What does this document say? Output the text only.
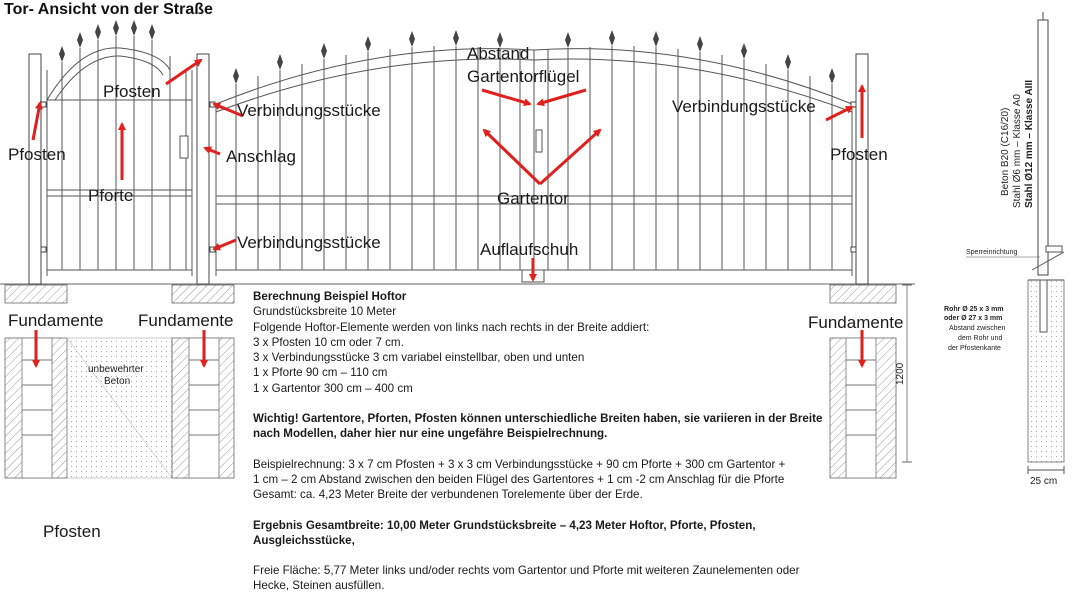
Tor- Ansicht von der Straße
1200
Pfosten
Pfosten
Pforte
Verbindungsstücke
Anschlag
Verbindungsstücke
Abstand
Gartentorflügel
Gartentor
Auflaufschuh
Verbindungsstücke
Pfosten
Fundamente Fundamente	Fundamente
unbewehrter
Beton
Pfosten
Beton B20 (C16/20) Stahl Ø6 mm – Klasse A0 Stahl Ø12 mm – Klasse AIII
Sperreinrichtung
Rohr Ø 25 x 3 mm
oder Ø 27 x 3 mm
Abstand zwischen
dem Rohr und
der Pfostenkante
25 cm
Berechnung Beispiel Hoftor
Grundstücksbreite 10 Meter
Folgende Hoftor-Elemente werden von links nach rechts in der Breite addiert:
3 x Pfosten 10 cm oder 7 cm.
3 x Verbindungsstücke 3 cm variabel einstellbar, oben und unten
1 x Pforte 90 cm – 110 cm
1 x Gartentor 300 cm – 400 cm
Wichtig! Gartentore, Pforten, Pfosten können unterschiedliche Breiten haben, sie variieren in der Breite nach Modellen, daher hier nur eine ungefähre Beispielrechnung.
Beispielrechnung: 3 x 7 cm Pfosten + 3 x 3 cm Verbindungsstücke + 90 cm Pforte + 300 cm Gartentor +
1 cm – 2 cm Abstand zwischen den beiden Flügel des Gartentores + 1 cm -2 cm Anschlag für die Pforte
Gesamt: ca. 4,23 Meter Breite der verbundenen Torelemente über der Erde.
Ergebnis Gesamtbreite: 10,00 Meter Grundstücksbreite – 4,23 Meter Hoftor, Pforte, Pfosten, Ausgleichsstücke,
Freie Fläche: 5,77 Meter links und/oder rechts vom Gartentor und Pforte mit weiteren Zaunelementen oder Hecke, Steinen ausfüllen.
